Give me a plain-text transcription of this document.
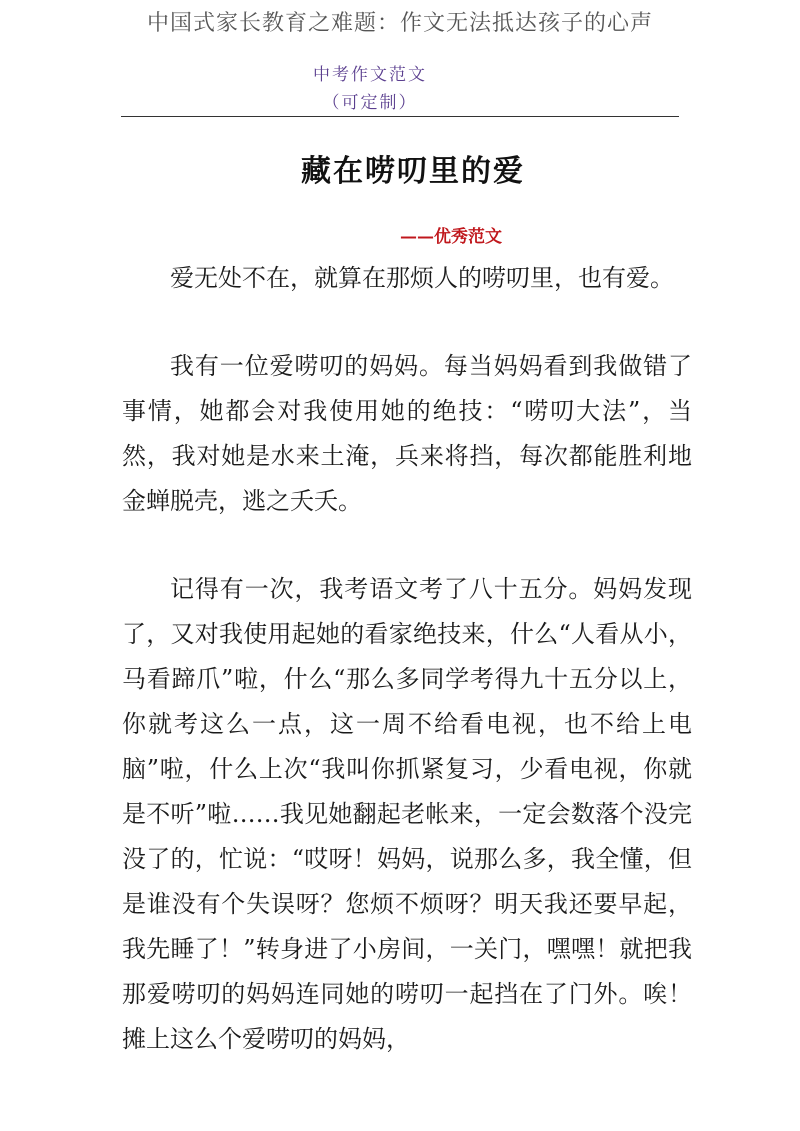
中国式家长教育之难题：作文无法抵达孩子的心声
中考作文范文
（可定制）
藏在唠叨里的爱
——优秀范文

爱无处不在，就算在那烦人的唠叨里，也有爱。

我有一位爱唠叨的妈妈。每当妈妈看到我做错了事情，她都会对我使用她的绝技：“唠叨大法”，当然，我对她是水来土淹，兵来将挡，每次都能胜利地金蝉脱壳，逃之夭夭。

记得有一次，我考语文考了八十五分。妈妈发现了，又对我使用起她的看家绝技来，什么“人看从小，马看蹄爪”啦，什么“那么多同学考得九十五分以上，你就考这么一点，这一周不给看电视，也不给上电脑”啦，什么上次“我叫你抓紧复习，少看电视，你就是不听”啦……我见她翻起老帐来，一定会数落个没完没了的，忙说：“哎呀！妈妈，说那么多，我全懂，但是谁没有个失误呀？您烦不烦呀？明天我还要早起，我先睡了！”转身进了小房间，一关门，嘿嘿！就把我那爱唠叨的妈妈连同她的唠叨一起挡在了门外。唉！摊上这么个爱唠叨的妈妈，
